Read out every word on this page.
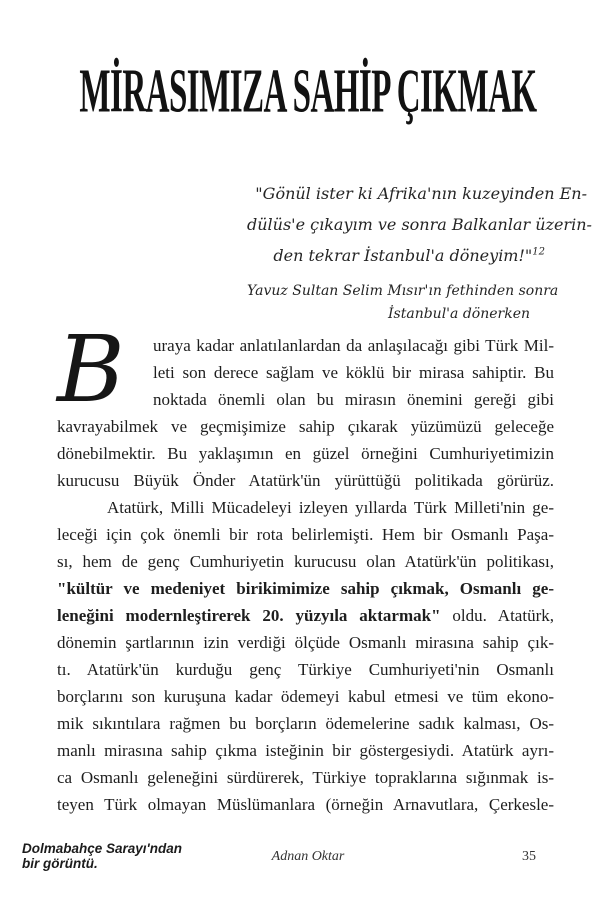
MİRASIMIZA SAHİP ÇIKMAK
"Gönül ister ki Afrika'nın kuzeyinden En-
dülüs'e çıkayım ve sonra Balkanlar üzerin-
den tekrar İstanbul'a döneyim!"$^{12}$
Yavuz Sultan Selim Mısır'ın fethinden sonra
İstanbul'a dönerken
B	uraya kadar anlatılanlardan da anlaşılacağı gibi Türk Mil-
leti son derece sağlam ve köklü bir mirasa sahiptir. Bu
noktada önemli olan bu mirasın önemini gereği gibi
kavrayabilmek ve geçmişimize sahip çıkarak yüzümüzü geleceğe
dönebilmektir. Bu yaklaşımın en güzel örneğini Cumhuriyetimizin
kurucusu Büyük Önder Atatürk'ün yürüttüğü politikada görürüz.
Atatürk, Milli Mücadeleyi izleyen yıllarda Türk Milleti'nin ge-
leceği için çok önemli bir rota belirlemişti. Hem bir Osmanlı Paşa-
sı, hem de genç Cumhuriyetin kurucusu olan Atatürk'ün politikası,
"kültür ve medeniyet birikimimize sahip çıkmak, Osmanlı ge-
leneğini modernleştirerek 20. yüzyıla aktarmak" oldu. Atatürk,
dönemin şartlarının izin verdiği ölçüde Osmanlı mirasına sahip çık-
tı. Atatürk'ün kurduğu genç Türkiye Cumhuriyeti'nin Osmanlı
borçlarını son kuruşuna kadar ödemeyi kabul etmesi ve tüm ekono-
mik sıkıntılara rağmen bu borçların ödemelerine sadık kalması, Os-
manlı mirasına sahip çıkma isteğinin bir göstergesiydi. Atatürk ayrı-
ca Osmanlı geleneğini sürdürerek, Türkiye topraklarına sığınmak is-
teyen Türk olmayan Müslümanlara (örneğin Arnavutlara, Çerkesle-
Dolmabahçe Sarayı'ndan
bir görüntü.	Adnan Oktar	35
